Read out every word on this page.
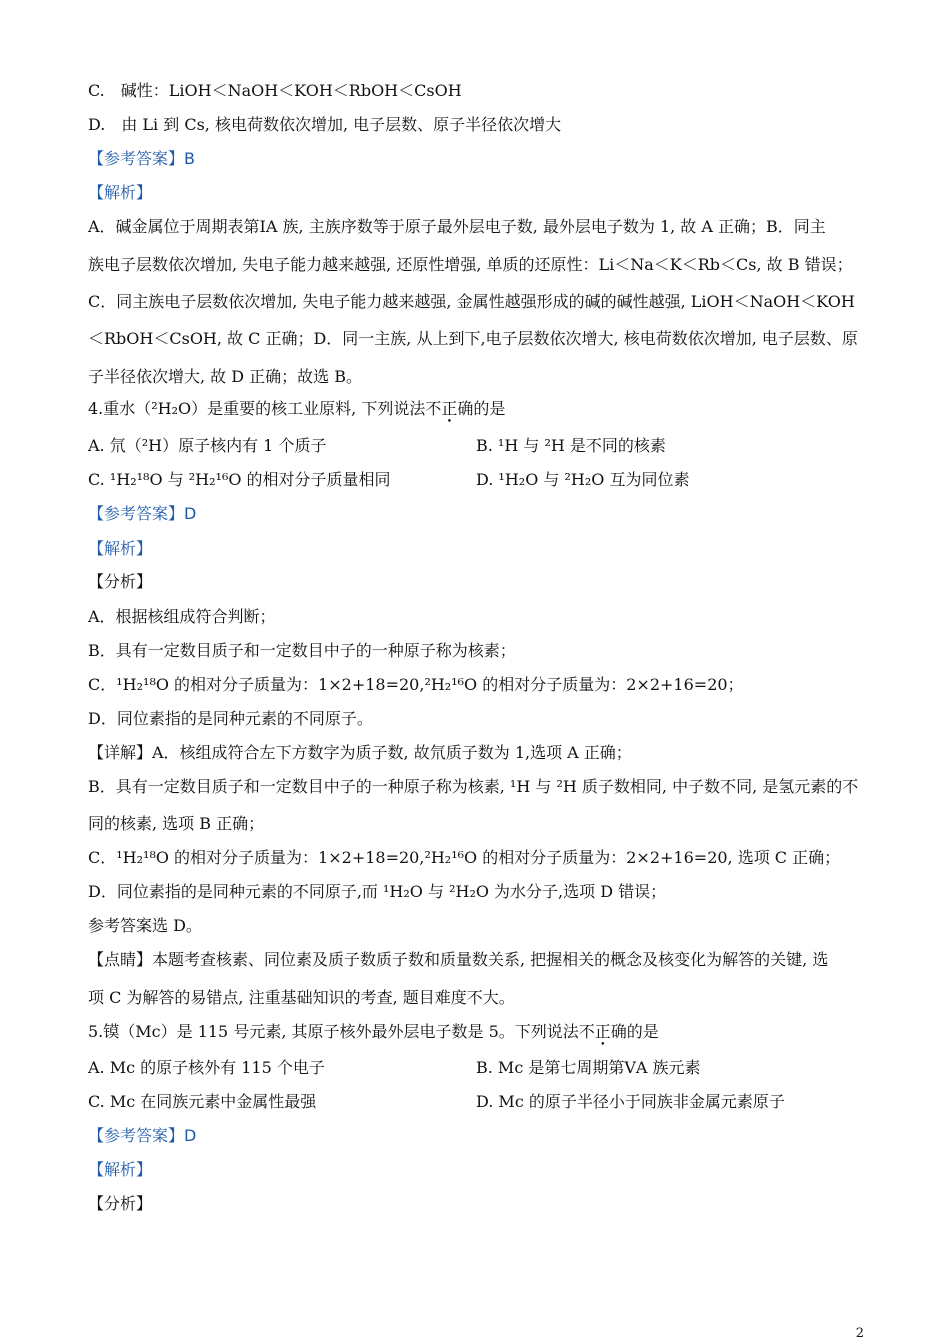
C.　碱性：LiOH＜NaOH＜KOH＜RbOH＜CsOH
D.　由 Li 到 Cs, 核电荷数依次增加, 电子层数、原子半径依次增大
【参考答案】B
【解析】
A．碱金属位于周期表第ⅠA 族, 主族序数等于原子最外层电子数, 最外层电子数为 1, 故 A 正确；B．同主
族电子层数依次增加, 失电子能力越来越强, 还原性增强, 单质的还原性：Li＜Na＜K＜Rb＜Cs, 故 B 错误；
C．同主族电子层数依次增加, 失电子能力越来越强, 金属性越强形成的碱的碱性越强, LiOH＜NaOH＜KOH
＜RbOH＜CsOH, 故 C 正确；D．同一主族, 从上到下,电子层数依次增大, 核电荷数依次增加, 电子层数、原
子半径依次增大, 故 D 正确；故选 B。
4.重水（²H₂O）是重要的核工业原料, 下列说法不正确的是
A. 氘（²H）原子核内有 1 个质子	B. ¹H 与 ²H 是不同的核素
C. ¹H₂¹⁸O 与 ²H₂¹⁶O 的相对分子质量相同	D. ¹H₂O 与 ²H₂O 互为同位素
【参考答案】D
【解析】
【分析】
A．根据核组成符合判断；
B．具有一定数目质子和一定数目中子的一种原子称为核素；
C．¹H₂¹⁸O 的相对分子质量为：1×2+18=20,²H₂¹⁶O 的相对分子质量为：2×2+16=20；
D．同位素指的是同种元素的不同原子。
【详解】A．核组成符合左下方数字为质子数, 故氘质子数为 1,选项 A 正确；
B．具有一定数目质子和一定数目中子的一种原子称为核素, ¹H 与 ²H 质子数相同, 中子数不同, 是氢元素的不
同的核素, 选项 B 正确；
C．¹H₂¹⁸O 的相对分子质量为：1×2+18=20,²H₂¹⁶O 的相对分子质量为：2×2+16=20, 选项 C 正确；
D．同位素指的是同种元素的不同原子,而 ¹H₂O 与 ²H₂O 为水分子,选项 D 错误；
参考答案选 D。
【点睛】本题考查核素、同位素及质子数质子数和质量数关系, 把握相关的概念及核变化为解答的关键, 选
项 C 为解答的易错点, 注重基础知识的考查, 题目难度不大。
5.镆（Mc）是 115 号元素, 其原子核外最外层电子数是 5。下列说法不正确的是
A. Mc 的原子核外有 115 个电子	B. Mc 是第七周期第ⅤA 族元素
C. Mc 在同族元素中金属性最强	D. Mc 的原子半径小于同族非金属元素原子
【参考答案】D
【解析】
【分析】
2
